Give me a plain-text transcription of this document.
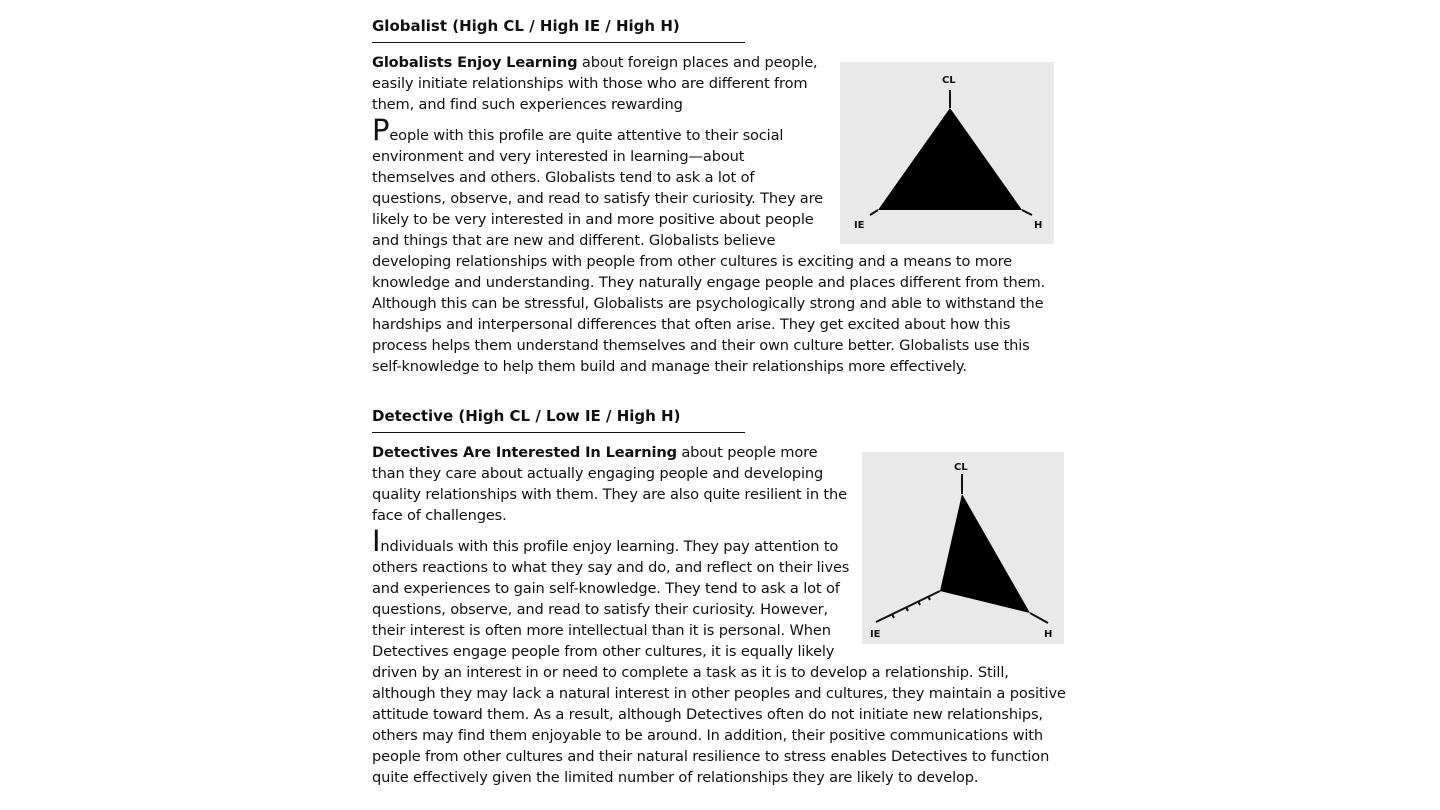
Globalist (High CL / High IE / High H)
CL
IE	H

Globalists Enjoy Learning about foreign places and people, easily initiate relationships with those who are different from them, and find such experiences rewarding

People with this profile are quite attentive to their social environment and very interested in learning—about themselves and others. Globalists tend to ask a lot of questions, observe, and read to satisfy their curiosity. They are likely to be very interested in and more positive about people and things that are new and different. Globalists believe developing relationships with people from other cultures is exciting and a means to more knowledge and understanding. They naturally engage people and places different from them. Although this can be stressful, Globalists are psychologically strong and able to withstand the hardships and interpersonal differences that often arise. They get excited about how this process helps them understand themselves and their own culture better. Globalists use this self-knowledge to help them build and manage their relationships more effectively.

Detective (High CL / Low IE / High H)
CL
IE	H

Detectives Are Interested In Learning about people more than they care about actually engaging people and developing quality relationships with them. They are also quite resilient in the face of challenges.

Individuals with this profile enjoy learning. They pay attention to others reactions to what they say and do, and reflect on their lives and experiences to gain self-knowledge. They tend to ask a lot of questions, observe, and read to satisfy their curiosity. However, their interest is often more intellectual than it is personal. When Detectives engage people from other cultures, it is equally likely driven by an interest in or need to complete a task as it is to develop a relationship. Still, although they may lack a natural interest in other peoples and cultures, they maintain a positive attitude toward them. As a result, although Detectives often do not initiate new relationships, others may find them enjoyable to be around. In addition, their positive communications with people from other cultures and their natural resilience to stress enables Detectives to function quite effectively given the limited number of relationships they are likely to develop.
